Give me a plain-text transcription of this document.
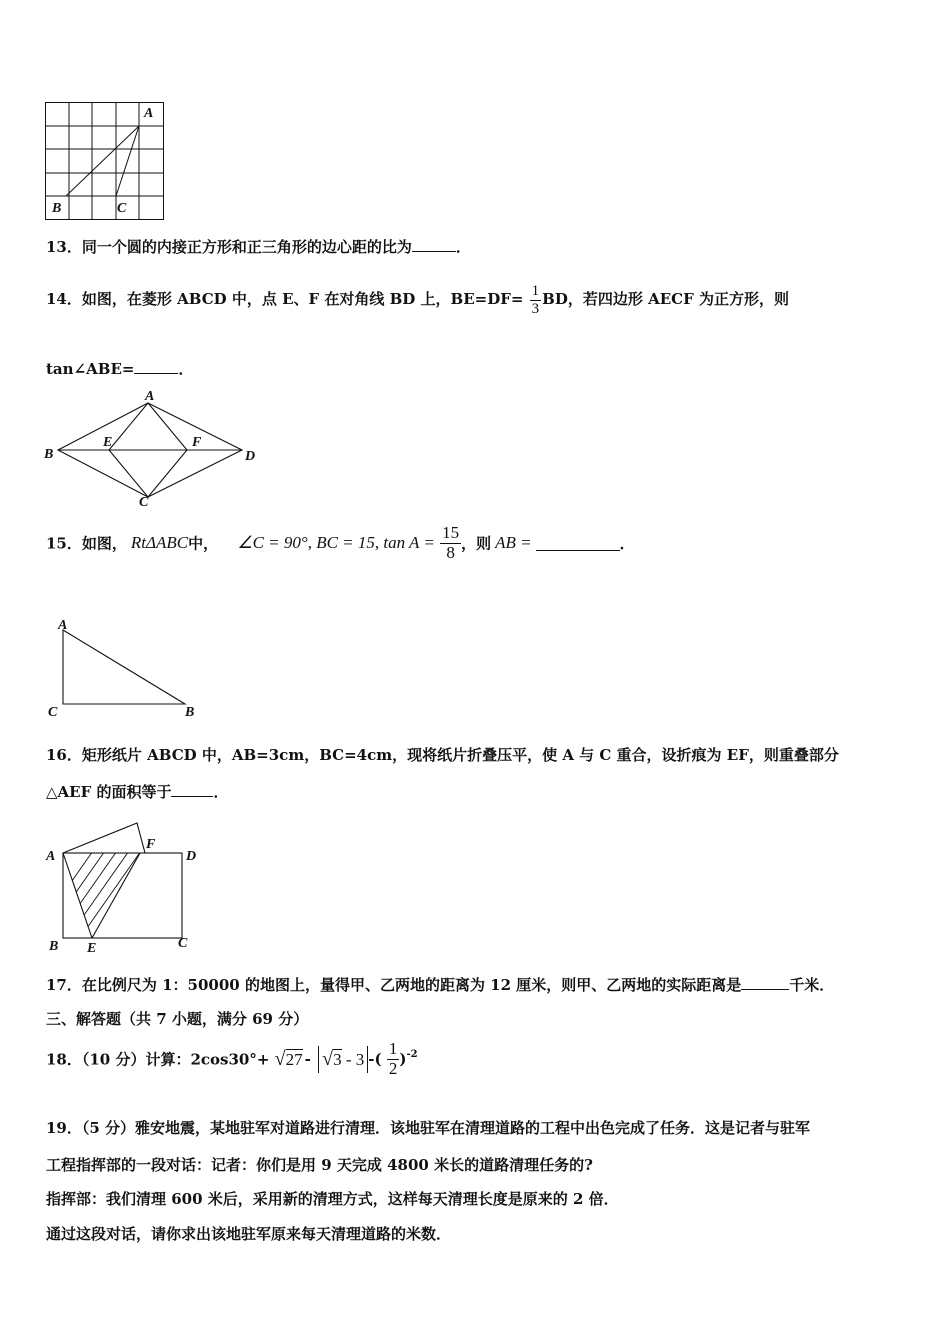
A
B	C
13．同一个圆的内接正方形和正三角形的边心距的比为	．
14．如图，在菱形 ABCD 中，点 E、F 在对角线 BD 上，$BE=DF= \frac{1}{3}$ BD，若四边形 AECF 为正方形，则
tan∠ABE=	．
A
B
C
D
E	F
15．如图， RtΔABC中， ∠C = 90°, BC = 15, $\tan A = \frac{15}{8}$ ，则 AB =	．
A
C	B
16．矩形纸片 ABCD 中，AB=3cm，BC=4cm，现将纸片折叠压平，使 A 与 C 重合，设折痕为 EF，则重叠部分
△AEF 的面积等于	．
A
F
D
B E	C
17．在比例尺为 1：50000 的地图上，量得甲、乙两地的距离为 12 厘米，则甲、乙两地的实际距离是	千米．
三、解答题（共 7 小题，满分 69 分）
18．（10 分）计算：2cos30°+ √27 - √3 - 3 -( $\frac{1}{2} )^{-2}$
19．（5 分）雅安地震，某地驻军对道路进行清理．该地驻军在清理道路的工程中出色完成了任务．这是记者与驻军
工程指挥部的一段对话：记者：你们是用 9 天完成 4800 米长的道路清理任务的?
指挥部：我们清理 600 米后，采用新的清理方式，这样每天清理长度是原来的 2 倍．
通过这段对话，请你求出该地驻军原来每天清理道路的米数．
